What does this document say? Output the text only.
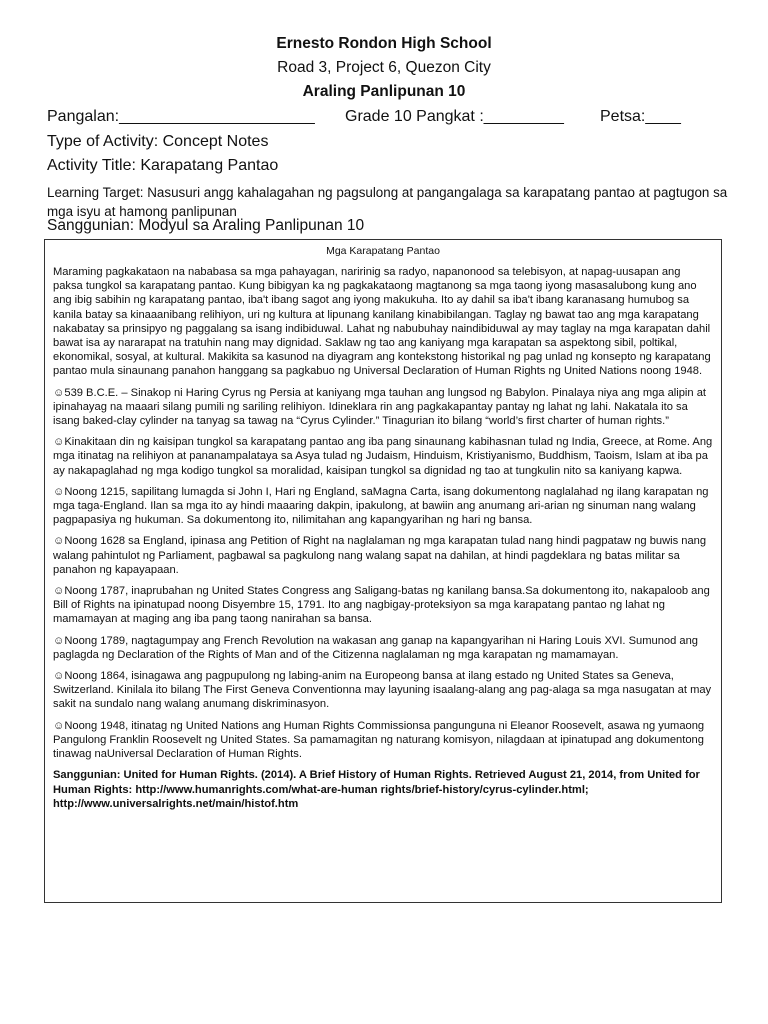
Ernesto Rondon High School
Road 3, Project 6, Quezon City
Araling Panlipunan 10
Pangalan:______________________ Grade 10 Pangkat :_________ Petsa:____
Type of Activity: Concept Notes
Activity Title: Karapatang Pantao
Learning Target: Nasusuri angg kahalagahan ng pagsulong at pangangalaga sa karapatang pantao at pagtugon sa mga isyu at hamong panlipunan
Sanggunian: Modyul sa Araling Panlipunan 10
Mga Karapatang Pantao

Maraming pagkakataon na nababasa sa mga pahayagan, naririnig sa radyo, napanonood sa telebisyon, at napag-uusapan ang paksa tungkol sa karapatang pantao. Kung bibigyan ka ng pagkakataong magtanong sa mga taong iyong masasalubong kung ano ang ibig sabihin ng karapatang pantao, iba't ibang sagot ang iyong makukuha. Ito ay dahil sa iba't ibang karanasang humubog sa kanila batay sa kinaaanibang relihiyon, uri ng kultura at lipunang kanilang kinabibilangan. Taglay ng bawat tao ang mga karapatang nakabatay sa prinsipyo ng paggalang sa isang indibiduwal. Lahat ng nabubuhay naindibiduwal ay may taglay na mga karapatan dahil bawat isa ay nararapat na tratuhin nang may dignidad. Saklaw ng tao ang kaniyang mga karapatan sa aspektong sibil, poltikal, ekonomikal, sosyal, at kultural. Makikita sa kasunod na diyagram ang kontekstong historikal ng pag unlad ng konsepto ng karapatang pantao mula sinaunang panahon hanggang sa pagkabuo ng Universal Declaration of Human Rights ng United Nations noong 1948.

☺539 B.C.E. – Sinakop ni Haring Cyrus ng Persia at kaniyang mga tauhan ang lungsod ng Babylon. Pinalaya niya ang mga alipin at ipinahayag na maaari silang pumili ng sariling relihiyon. Idineklara rin ang pagkakapantay pantay ng lahat ng lahi. Nakatala ito sa isang baked-clay cylinder na tanyag sa tawag na “Cyrus Cylinder.” Tinagurian ito bilang “world’s first charter of human rights.”

☺Kinakitaan din ng kaisipan tungkol sa karapatang pantao ang iba pang sinaunang kabihasnan tulad ng India, Greece, at Rome. Ang mga itinatag na relihiyon at pananampalataya sa Asya tulad ng Judaism, Hinduism, Kristiyanismo, Buddhism, Taoism, Islam at iba pa ay nakapaglahad ng mga kodigo tungkol sa moralidad, kaisipan tungkol sa dignidad ng tao at tungkulin nito sa kaniyang kapwa.

☺Noong 1215, sapilitang lumagda si John I, Hari ng England, saMagna Carta, isang dokumentong naglalahad ng ilang karapatan ng mga taga-England. Ilan sa mga ito ay hindi maaaring dakpin, ipakulong, at bawiin ang anumang ari-arian ng sinuman nang walang pagpapasiya ng hukuman. Sa dokumentong ito, nilimitahan ang kapangyarihan ng hari ng bansa.

☺Noong 1628 sa England, ipinasa ang Petition of Right na naglalaman ng mga karapatan tulad nang hindi pagpataw ng buwis nang walang pahintulot ng Parliament, pagbawal sa pagkulong nang walang sapat na dahilan, at hindi pagdeklara ng batas militar sa panahon ng kapayapaan.

☺Noong 1787, inaprubahan ng United States Congress ang Saligang-batas ng kanilang bansa.Sa dokumentong ito, nakapaloob ang Bill of Rights na ipinatupad noong Disyembre 15, 1791. Ito ang nagbigay-proteksiyon sa mga karapatang pantao ng lahat ng mamamayan at maging ang iba pang taong nanirahan sa bansa.

☺Noong 1789, nagtagumpay ang French Revolution na wakasan ang ganap na kapangyarihan ni Haring Louis XVI. Sumunod ang paglagda ng Declaration of the Rights of Man and of the Citizenna naglalaman ng mga karapatan ng mamamayan.

☺Noong 1864, isinagawa ang pagpupulong ng labing-anim na Europeong bansa at ilang estado ng United States sa Geneva, Switzerland. Kinilala ito bilang The First Geneva Conventionna may layuning isaalang-alang ang pag-alaga sa mga nasugatan at may sakit na sundalo nang walang anumang diskriminasyon.

☺Noong 1948, itinatag ng United Nations ang Human Rights Commissionsa pangunguna ni Eleanor Roosevelt, asawa ng yumaong Pangulong Franklin Roosevelt ng United States. Sa pamamagitan ng naturang komisyon, nilagdaan at ipinatupad ang dokumentong tinawag naUniversal Declaration of Human Rights.

Sanggunian: United for Human Rights. (2014). A Brief History of Human Rights. Retrieved August 21, 2014, from United for Human Rights: http://www.humanrights.com/what-are-human rights/brief-history/cyrus-cylinder.html; http://www.universalrights.net/main/histof.htm
